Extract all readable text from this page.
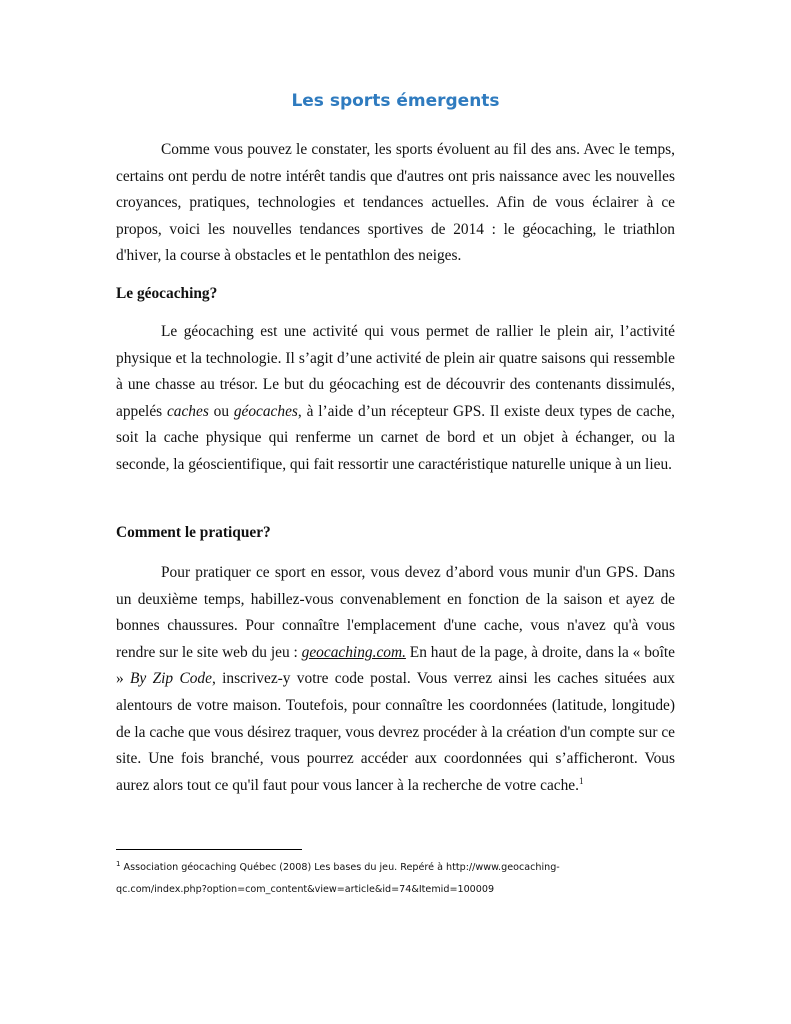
Les sports émergents

Comme vous pouvez le constater, les sports évoluent au fil des ans. Avec le temps, certains ont perdu de notre intérêt tandis que d'autres ont pris naissance avec les nouvelles croyances, pratiques, technologies et tendances actuelles. Afin de vous éclairer à ce propos, voici les nouvelles tendances sportives de 2014 : le géocaching, le triathlon d'hiver, la course à obstacles et le pentathlon des neiges.

Le géocaching?

Le géocaching est une activité qui vous permet de rallier le plein air, l’activité physique et la technologie. Il s’agit d’une activité de plein air quatre saisons qui ressemble à une chasse au trésor. Le but du géocaching est de découvrir des contenants dissimulés, appelés caches ou géocaches, à l’aide d’un récepteur GPS. Il existe deux types de cache, soit la cache physique qui renferme un carnet de bord et un objet à échanger, ou la seconde, la géoscientifique, qui fait ressortir une caractéristique naturelle unique à un lieu.

Comment le pratiquer?

Pour pratiquer ce sport en essor, vous devez d’abord vous munir d'un GPS. Dans un deuxième temps, habillez-vous convenablement en fonction de la saison et ayez de bonnes chaussures. Pour connaître l'emplacement d'une cache, vous n'avez qu'à vous rendre sur le site web du jeu : geocaching.com. En haut de la page, à droite, dans la « boîte » By Zip Code, inscrivez-y votre code postal. Vous verrez ainsi les caches situées aux alentours de votre maison. Toutefois, pour connaître les coordonnées (latitude, longitude) de la cache que vous désirez traquer, vous devrez procéder à la création d'un compte sur ce site. Une fois branché, vous pourrez accéder aux coordonnées qui s’afficheront. Vous aurez alors tout ce qu'il faut pour vous lancer à la recherche de votre cache.$^1$

$^1$ Association géocaching Québec (2008) Les bases du jeu. Repéré à http://www.geocaching-
qc.com/index.php?option=com_content&view=article&id=74&Itemid=100009
